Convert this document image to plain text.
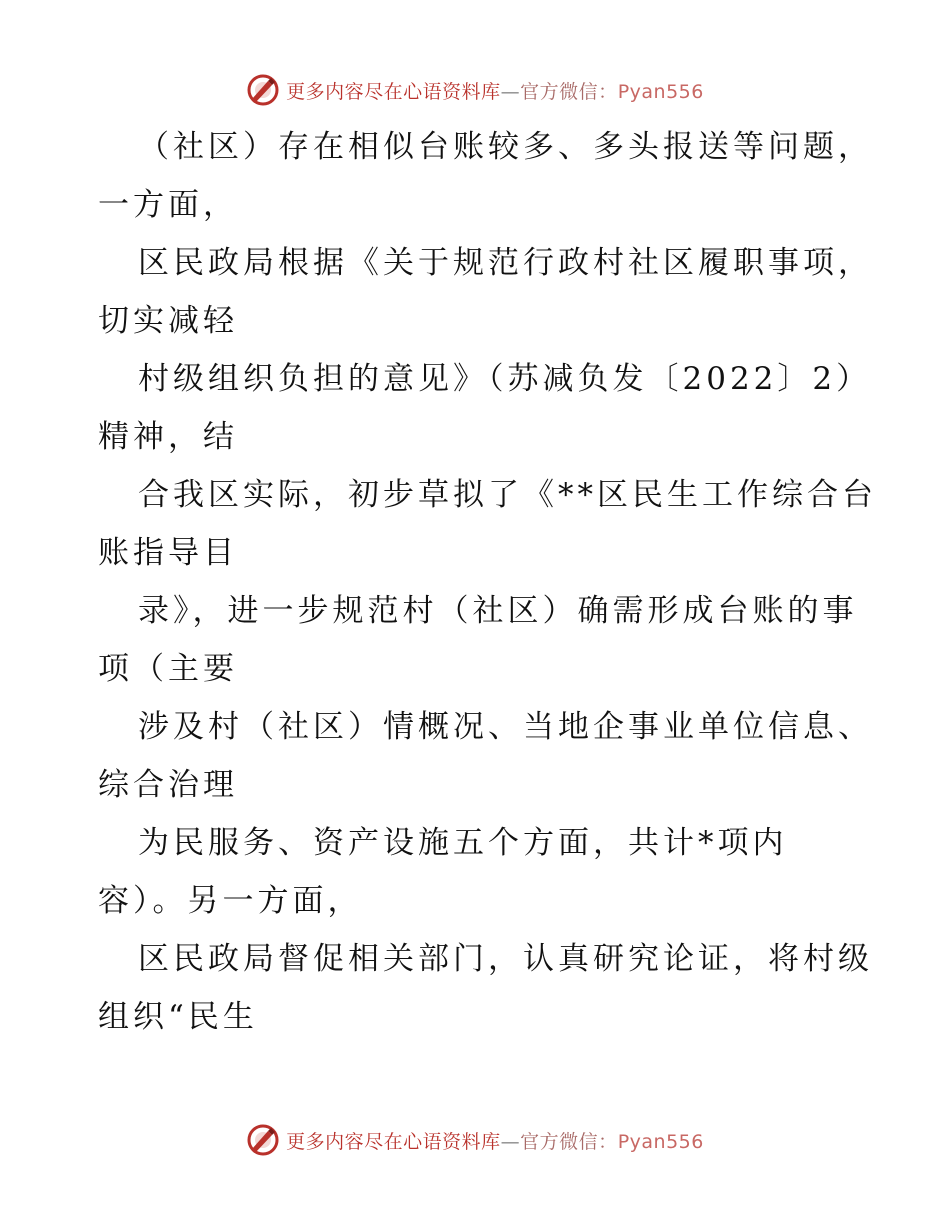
更多内容尽在心语资料库—官方微信：Pyan556

（社区）存在相似台账较多、多头报送等问题，
一方面，

区民政局根据《关于规范行政村社区履职事项，
切实减轻

村级组织负担的意见》（苏减负发〔2022〕2）
精神，结

合我区实际，初步草拟了《**区民生工作综合台
账指导目

录》，进一步规范村（社区）确需形成台账的事
项（主要

涉及村（社区）情概况、当地企事业单位信息、
综合治理

为民服务、资产设施五个方面，共计*项内
容）。另一方面，

区民政局督促相关部门，认真研究论证，将村级
组织“民生

更多内容尽在心语资料库—官方微信：Pyan556
